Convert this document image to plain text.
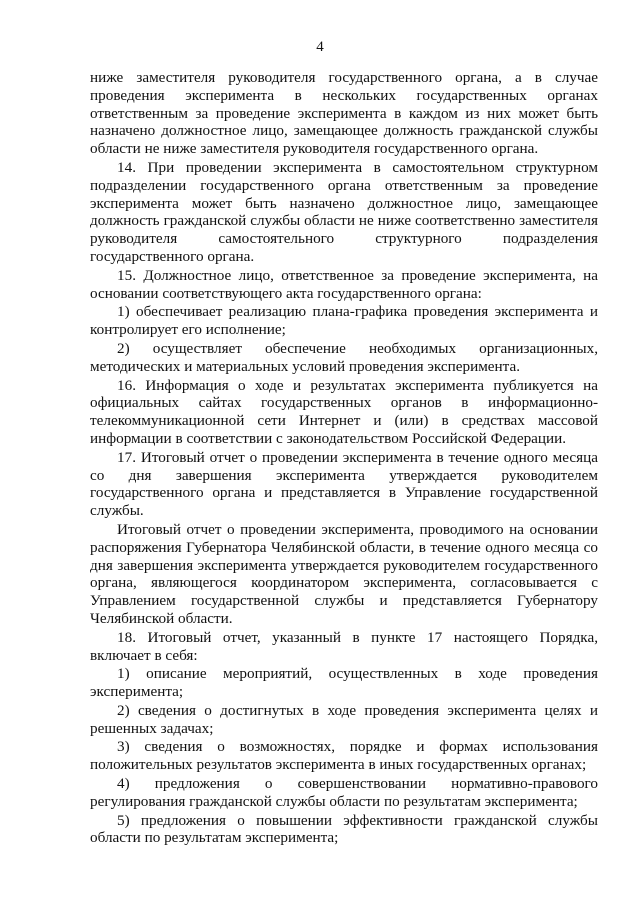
4

ниже заместителя руководителя государственного органа, а в случае проведения эксперимента в нескольких государственных органах ответственным за проведение эксперимента в каждом из них может быть назначено должностное лицо, замещающее должность гражданской службы области не ниже заместителя руководителя государственного органа.

14. При проведении эксперимента в самостоятельном структурном подразделении государственного органа ответственным за проведение эксперимента может быть назначено должностное лицо, замещающее должность гражданской службы области не ниже соответственно заместителя руководителя самостоятельного структурного подразделения государственного органа.

15. Должностное лицо, ответственное за проведение эксперимента, на основании соответствующего акта государственного органа:

1) обеспечивает реализацию плана-графика проведения эксперимента и контролирует его исполнение;

2) осуществляет обеспечение необходимых организационных, методических и материальных условий проведения эксперимента.

16. Информация о ходе и результатах эксперимента публикуется на официальных сайтах государственных органов в информационно-телекоммуникационной сети Интернет и (или) в средствах массовой информации в соответствии с законодательством Российской Федерации.

17. Итоговый отчет о проведении эксперимента в течение одного месяца со дня завершения эксперимента утверждается руководителем государственного органа и представляется в Управление государственной службы.

Итоговый отчет о проведении эксперимента, проводимого на основании распоряжения Губернатора Челябинской области, в течение одного месяца со дня завершения эксперимента утверждается руководителем государственного органа, являющегося координатором эксперимента, согласовывается с Управлением государственной службы и представляется Губернатору Челябинской области.

18. Итоговый отчет, указанный в пункте 17 настоящего Порядка, включает в себя:

1) описание мероприятий, осуществленных в ходе проведения эксперимента;

2) сведения о достигнутых в ходе проведения эксперимента целях и решенных задачах;

3) сведения о возможностях, порядке и формах использования положительных результатов эксперимента в иных государственных органах;

4) предложения о совершенствовании нормативно-правового регулирования гражданской службы области по результатам эксперимента;

5) предложения о повышении эффективности гражданской службы области по результатам эксперимента;
